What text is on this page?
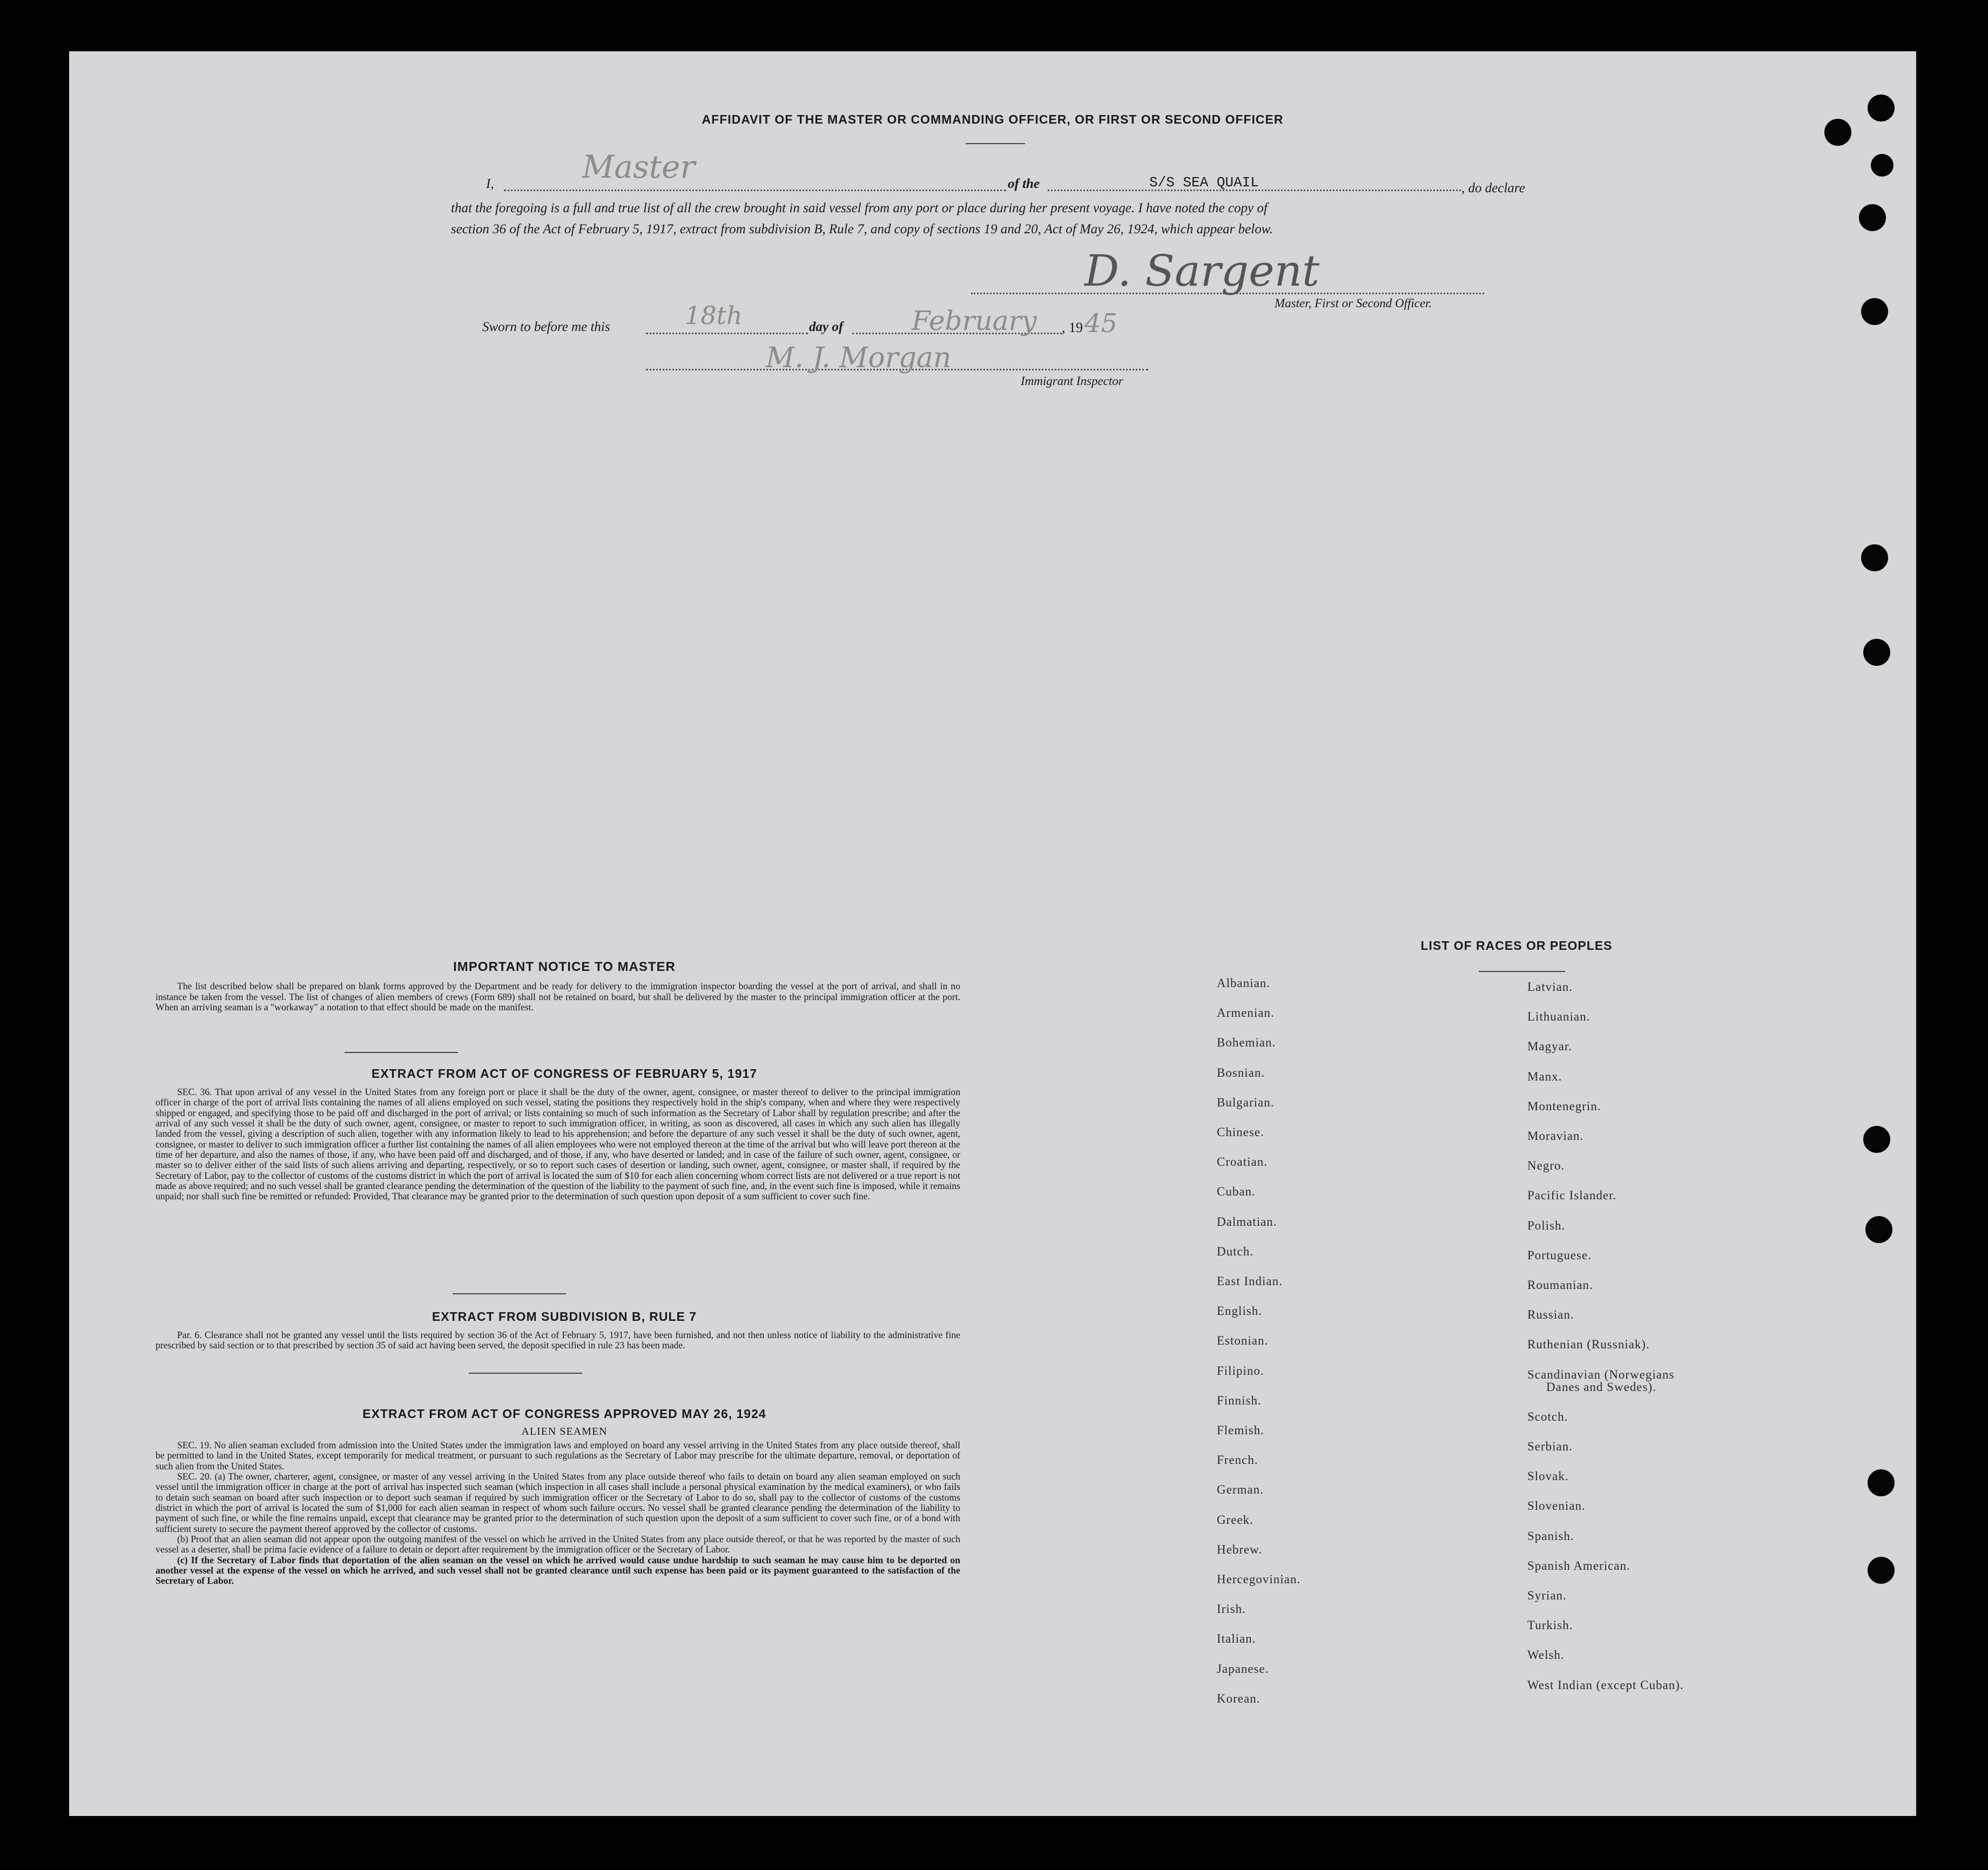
AFFIDAVIT OF THE MASTER OR COMMANDING OFFICER, OR FIRST OR SECOND OFFICER
I,	Master	of the	S/S SEA QUAIL	, do declare
that the foregoing is a full and true list of all the crew brought in said vessel from any port or place during her present voyage. I have noted the copy of
section 36 of the Act of February 5, 1917, extract from subdivision B, Rule 7, and copy of sections 19 and 20, Act of May 26, 1924, which appear below.
D. Sargent
Master, First or Second Officer.
Sworn to before me this	18th	day of	February , 19 45
M. J. Morgan
Immigrant Inspector
IMPORTANT NOTICE TO MASTER

The list described below shall be prepared on blank forms approved by the Department and be ready for delivery to the immigration inspector boarding the vessel at the port of arrival, and shall in no instance be taken from the vessel. The list of changes of alien members of crews (Form 689) shall not be retained on board, but shall be delivered by the master to the principal immigration officer at the port. When an arriving seaman is a "workaway" a notation to that effect should be made on the manifest.

EXTRACT FROM ACT OF CONGRESS OF FEBRUARY 5, 1917

SEC. 36. That upon arrival of any vessel in the United States from any foreign port or place it shall be the duty of the owner, agent, consignee, or master thereof to deliver to the principal immigration officer in charge of the port of arrival lists containing the names of all aliens employed on such vessel, stating the positions they respectively hold in the ship's company, when and where they were respectively shipped or engaged, and specifying those to be paid off and discharged in the port of arrival; or lists containing so much of such information as the Secretary of Labor shall by regulation prescribe; and after the arrival of any such vessel it shall be the duty of such owner, agent, consignee, or master to report to such immigration officer, in writing, as soon as discovered, all cases in which any such alien has illegally landed from the vessel, giving a description of such alien, together with any information likely to lead to his apprehension; and before the departure of any such vessel it shall be the duty of such owner, agent, consignee, or master to deliver to such immigration officer a further list containing the names of all alien employees who were not employed thereon at the time of the arrival but who will leave port thereon at the time of her departure, and also the names of those, if any, who have been paid off and discharged, and of those, if any, who have deserted or landed; and in case of the failure of such owner, agent, consignee, or master so to deliver either of the said lists of such aliens arriving and departing, respectively, or so to report such cases of desertion or landing, such owner, agent, consignee, or master shall, if required by the Secretary of Labor, pay to the collector of customs of the customs district in which the port of arrival is located the sum of $10 for each alien concerning whom correct lists are not delivered or a true report is not made as above required; and no such vessel shall be granted clearance pending the determination of the question of the liability to the payment of such fine, and, in the event such fine is imposed, while it remains unpaid; nor shall such fine be remitted or refunded: Provided, That clearance may be granted prior to the determination of such question upon deposit of a sum sufficient to cover such fine.

EXTRACT FROM SUBDIVISION B, RULE 7

Par. 6. Clearance shall not be granted any vessel until the lists required by section 36 of the Act of February 5, 1917, have been furnished, and not then unless notice of liability to the administrative fine prescribed by said section or to that prescribed by section 35 of said act having been served, the deposit specified in rule 23 has been made.

EXTRACT FROM ACT OF CONGRESS APPROVED MAY 26, 1924
ALIEN SEAMEN

SEC. 19. No alien seaman excluded from admission into the United States under the immigration laws and employed on board any vessel arriving in the United States from any place outside thereof, shall be permitted to land in the United States, except temporarily for medical treatment, or pursuant to such regulations as the Secretary of Labor may prescribe for the ultimate departure, removal, or deportation of such alien from the United States.

SEC. 20. (a) The owner, charterer, agent, consignee, or master of any vessel arriving in the United States from any place outside thereof who fails to detain on board any alien seaman employed on such vessel until the immigration officer in charge at the port of arrival has inspected such seaman (which inspection in all cases shall include a personal physical examination by the medical examiners), or who fails to detain such seaman on board after such inspection or to deport such seaman if required by such immigration officer or the Secretary of Labor to do so, shall pay to the collector of customs of the customs district in which the port of arrival is located the sum of $1,000 for each alien seaman in respect of whom such failure occurs. No vessel shall be granted clearance pending the determination of the liability to payment of such fine, or while the fine remains unpaid, except that clearance may be granted prior to the determination of such question upon the deposit of a sum sufficient to cover such fine, or of a bond with sufficient surety to secure the payment thereof approved by the collector of customs.

(b) Proof that an alien seaman did not appear upon the outgoing manifest of the vessel on which he arrived in the United States from any place outside thereof, or that he was reported by the master of such vessel as a deserter, shall be prima facie evidence of a failure to detain or deport after requirement by the immigration officer or the Secretary of Labor.

(c) If the Secretary of Labor finds that deportation of the alien seaman on the vessel on which he arrived would cause undue hardship to such seaman he may cause him to be deported on another vessel at the expense of the vessel on which he arrived, and such vessel shall not be granted clearance until such expense has been paid or its payment guaranteed to the satisfaction of the Secretary of Labor.

LIST OF RACES OR PEOPLES
Albanian.
Armenian.
Bohemian.
Bosnian.
Bulgarian.
Chinese.
Croatian.
Cuban.
Dalmatian.
Dutch.
East Indian.
English.
Estonian.
Filipino.
Finnish.
Flemish.
French.
German.
Greek.
Hebrew.
Hercegovinian.
Irish.
Italian.
Japanese.
Korean.
Latvian.
Lithuanian.
Magyar.
Manx.
Montenegrin.
Moravian.
Negro.
Pacific Islander.
Polish.
Portuguese.
Roumanian.
Russian.
Ruthenian (Russniak).
Scandinavian (Norwegians
Danes and Swedes).
Scotch.
Serbian.
Slovak.
Slovenian.
Spanish.
Spanish American.
Syrian.
Turkish.
Welsh.
West Indian (except Cuban).
